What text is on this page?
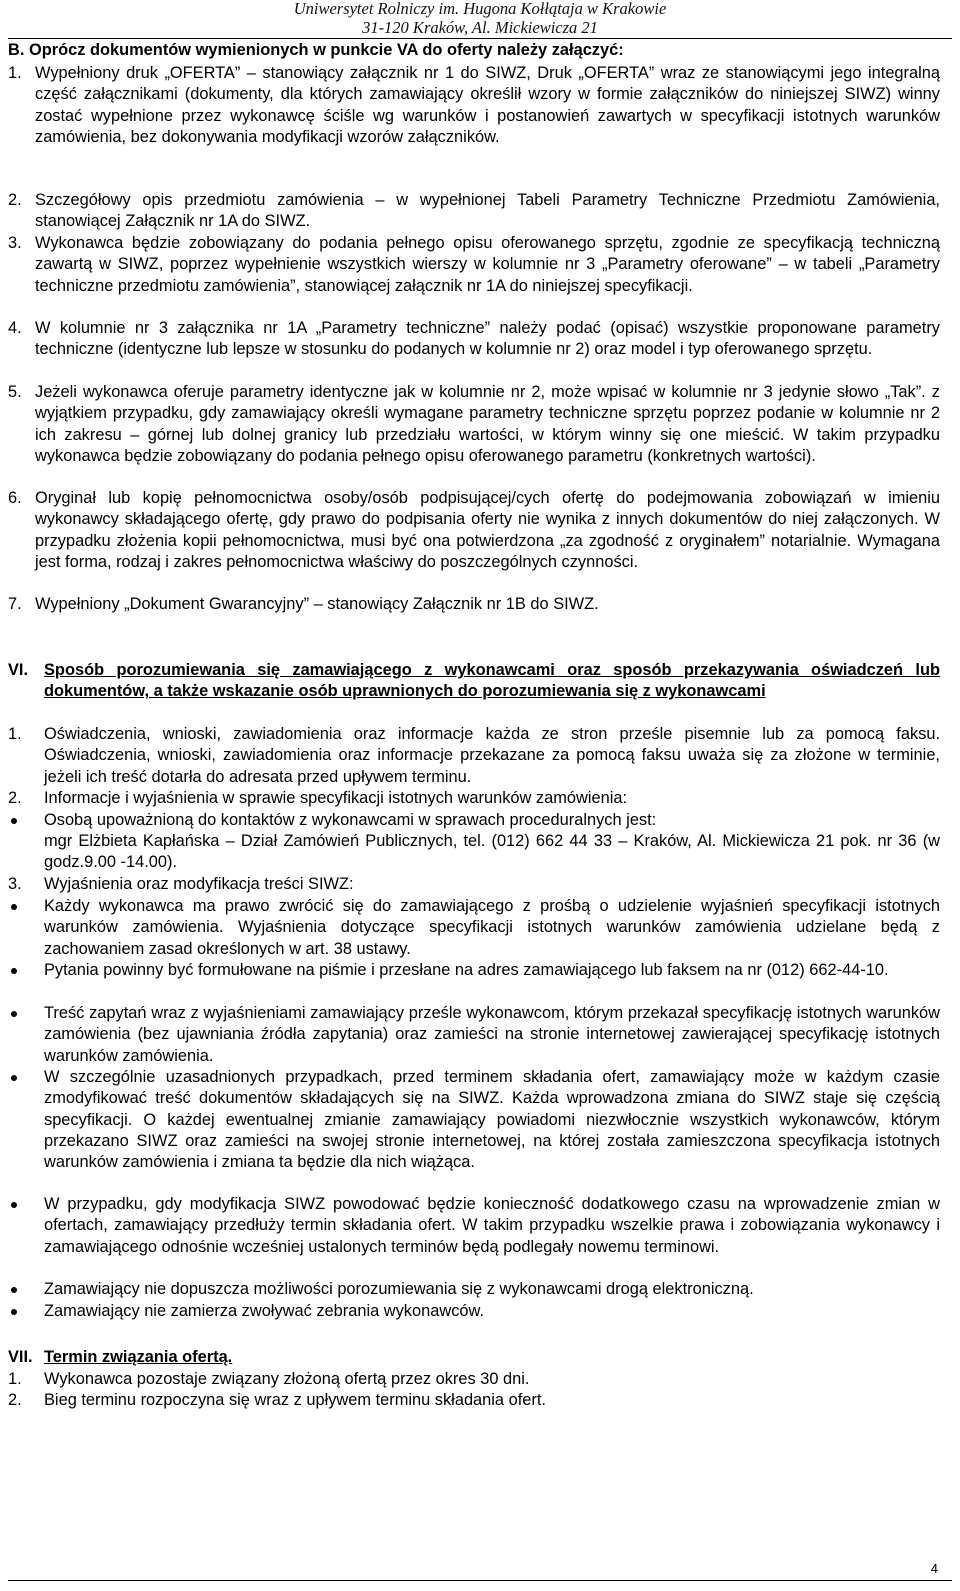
Uniwersytet Rolniczy im. Hugona Kołłątaja w Krakowie
31-120 Kraków, Al. Mickiewicza 21
B. Oprócz dokumentów wymienionych w punkcie VA do oferty należy załączyć:
1. Wypełniony druk „OFERTA” – stanowiący załącznik nr 1 do SIWZ, Druk „OFERTA” wraz ze stanowiącymi jego integralną część załącznikami (dokumenty, dla których zamawiający określił wzory w formie załączników do niniejszej SIWZ) winny zostać wypełnione przez wykonawcę ściśle wg warunków i postanowień zawartych w specyfikacji istotnych warunków zamówienia, bez dokonywania modyfikacji wzorów załączników.
2. Szczegółowy opis przedmiotu zamówienia – w wypełnionej Tabeli Parametry Techniczne Przedmiotu Zamówienia, stanowiącej Załącznik nr 1A do SIWZ.
3. Wykonawca będzie zobowiązany do podania pełnego opisu oferowanego sprzętu, zgodnie ze specyfikacją techniczną zawartą w SIWZ, poprzez wypełnienie wszystkich wierszy w kolumnie nr 3 „Parametry oferowane” – w tabeli „Parametry techniczne przedmiotu zamówienia”, stanowiącej załącznik nr 1A do niniejszej specyfikacji.
4. W kolumnie nr 3 załącznika nr 1A „Parametry techniczne” należy podać (opisać) wszystkie proponowane parametry techniczne (identyczne lub lepsze w stosunku do podanych w kolumnie nr 2) oraz model i typ oferowanego sprzętu.
5. Jeżeli wykonawca oferuje parametry identyczne jak w kolumnie nr 2, może wpisać w kolumnie nr 3 jedynie słowo „Tak”. z wyjątkiem przypadku, gdy zamawiający określi wymagane parametry techniczne sprzętu poprzez podanie w kolumnie nr 2 ich zakresu – górnej lub dolnej granicy lub przedziału wartości, w którym winny się one mieścić. W takim przypadku wykonawca będzie zobowiązany do podania pełnego opisu oferowanego parametru (konkretnych wartości).
6. Oryginał lub kopię pełnomocnictwa osoby/osób podpisującej/cych ofertę do podejmowania zobowiązań w imieniu wykonawcy składającego ofertę, gdy prawo do podpisania oferty nie wynika z innych dokumentów do niej załączonych. W przypadku złożenia kopii pełnomocnictwa, musi być ona potwierdzona „za zgodność z oryginałem” notarialnie. Wymagana jest forma, rodzaj i zakres pełnomocnictwa właściwy do poszczególnych czynności.
7. Wypełniony „Dokument Gwarancyjny” – stanowiący Załącznik nr 1B do SIWZ.
VI. Sposób porozumiewania się zamawiającego z wykonawcami oraz sposób przekazywania oświadczeń lub dokumentów, a także wskazanie osób uprawnionych do porozumiewania się z wykonawcami
1. Oświadczenia, wnioski, zawiadomienia oraz informacje każda ze stron prześle pisemnie lub za pomocą faksu. Oświadczenia, wnioski, zawiadomienia oraz informacje przekazane za pomocą faksu uważa się za złożone w terminie, jeżeli ich treść dotarła do adresata przed upływem terminu.
2. Informacje i wyjaśnienia w sprawie specyfikacji istotnych warunków zamówienia:
Osobą upoważnioną do kontaktów z wykonawcami w sprawach proceduralnych jest:
mgr Elżbieta Kapłańska – Dział Zamówień Publicznych, tel. (012) 662 44 33 – Kraków, Al. Mickiewicza 21 pok. nr 36 (w godz.9.00 -14.00).
3. Wyjaśnienia oraz modyfikacja treści SIWZ:
Każdy wykonawca ma prawo zwrócić się do zamawiającego z prośbą o udzielenie wyjaśnień specyfikacji istotnych warunków zamówienia. Wyjaśnienia dotyczące specyfikacji istotnych warunków zamówienia udzielane będą z zachowaniem zasad określonych w art. 38 ustawy.
Pytania powinny być formułowane na piśmie i przesłane na adres zamawiającego lub faksem na nr (012) 662-44-10.
Treść zapytań wraz z wyjaśnieniami zamawiający prześle wykonawcom, którym przekazał specyfikację istotnych warunków zamówienia (bez ujawniania źródła zapytania) oraz zamieści na stronie internetowej zawierającej specyfikację istotnych warunków zamówienia.
W szczególnie uzasadnionych przypadkach, przed terminem składania ofert, zamawiający może w każdym czasie zmodyfikować treść dokumentów składających się na SIWZ. Każda wprowadzona zmiana do SIWZ staje się częścią specyfikacji. O każdej ewentualnej zmianie zamawiający powiadomi niezwłocznie wszystkich wykonawców, którym przekazano SIWZ oraz zamieści na swojej stronie internetowej, na której została zamieszczona specyfikacja istotnych warunków zamówienia i zmiana ta będzie dla nich wiążąca.
W przypadku, gdy modyfikacja SIWZ powodować będzie konieczność dodatkowego czasu na wprowadzenie zmian w ofertach, zamawiający przedłuży termin składania ofert. W takim przypadku wszelkie prawa i zobowiązania wykonawcy i zamawiającego odnośnie wcześniej ustalonych terminów będą podlegały nowemu terminowi.
Zamawiający nie dopuszcza możliwości porozumiewania się z wykonawcami drogą elektroniczną.
Zamawiający nie zamierza zwoływać zebrania wykonawców.
VII. Termin związania ofertą.
1. Wykonawca pozostaje związany złożoną ofertą przez okres 30 dni.
2. Bieg terminu rozpoczyna się wraz z upływem terminu składania ofert.
4
